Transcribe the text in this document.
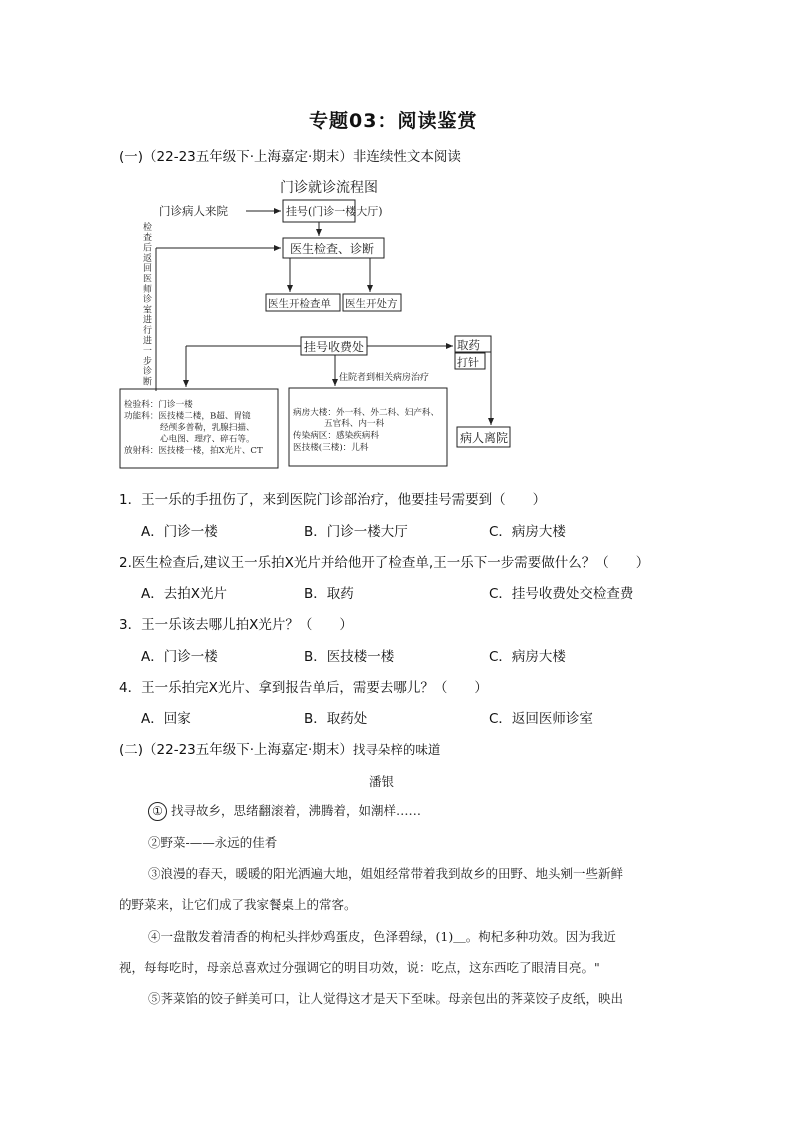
专题03：阅读鉴赏
(一)（22-23五年级下·上海嘉定·期末）非连续性文本阅读
门诊就诊流程图
门诊病人来院	挂号(门诊一楼大厅)
医生检查、诊断
医生开检查单 医生开处方
挂号收费处	取药
打针
病人离院
住院者到相关病房治疗
检
查
后
返
回
医
师
诊
室
进
行
进
一
步
诊
断
检验科：门诊一楼
功能科：医技楼二楼，B超、胃镜
经颅多普勒，乳腺扫描、
心电图、理疗、碎石等。
放射科：医技楼一楼，拍X光片、CT
病房大楼：外一科、外二科、妇产科、
五官科、内一科
传染病区：感染疾病科
医技楼(三楼)：儿科
1．王一乐的手扭伤了，来到医院门诊部治疗，他要挂号需要到（　　）
A．门诊一楼	B．门诊一楼大厅	C．病房大楼
2.医生检查后,建议王一乐拍X光片并给他开了检查单,王一乐下一步需要做什么？（　　）
A．去拍X光片	B．取药	C．挂号收费处交检查费
3．王一乐该去哪儿拍X光片？（　　）
A．门诊一楼	B．医技楼一楼	C．病房大楼
4．王一乐拍完X光片、拿到报告单后，需要去哪儿？（　　）
A．回家	B．取药处	C．返回医师诊室
(二)（22-23五年级下·上海嘉定·期末）找寻朵梓的味道
潘银
① 找寻故乡，思绪翻滚着，沸腾着，如潮样……
②野菜-——永远的佳肴
③浪漫的春天，暖暖的阳光洒遍大地，姐姐经常带着我到故乡的田野、地头剜一些新鲜
的野菜来，让它们成了我家餐桌上的常客。
④一盘散发着清香的枸杞头拌炒鸡蛋皮，色泽碧绿，(1)＿。枸杞多种功效。因为我近
视，每每吃时，母亲总喜欢过分强调它的明目功效，说：吃点，这东西吃了眼清目亮。"
⑤荠菜馅的饺子鲜美可口，让人觉得这才是天下至味。母亲包出的荠菜饺子皮纸，映出
